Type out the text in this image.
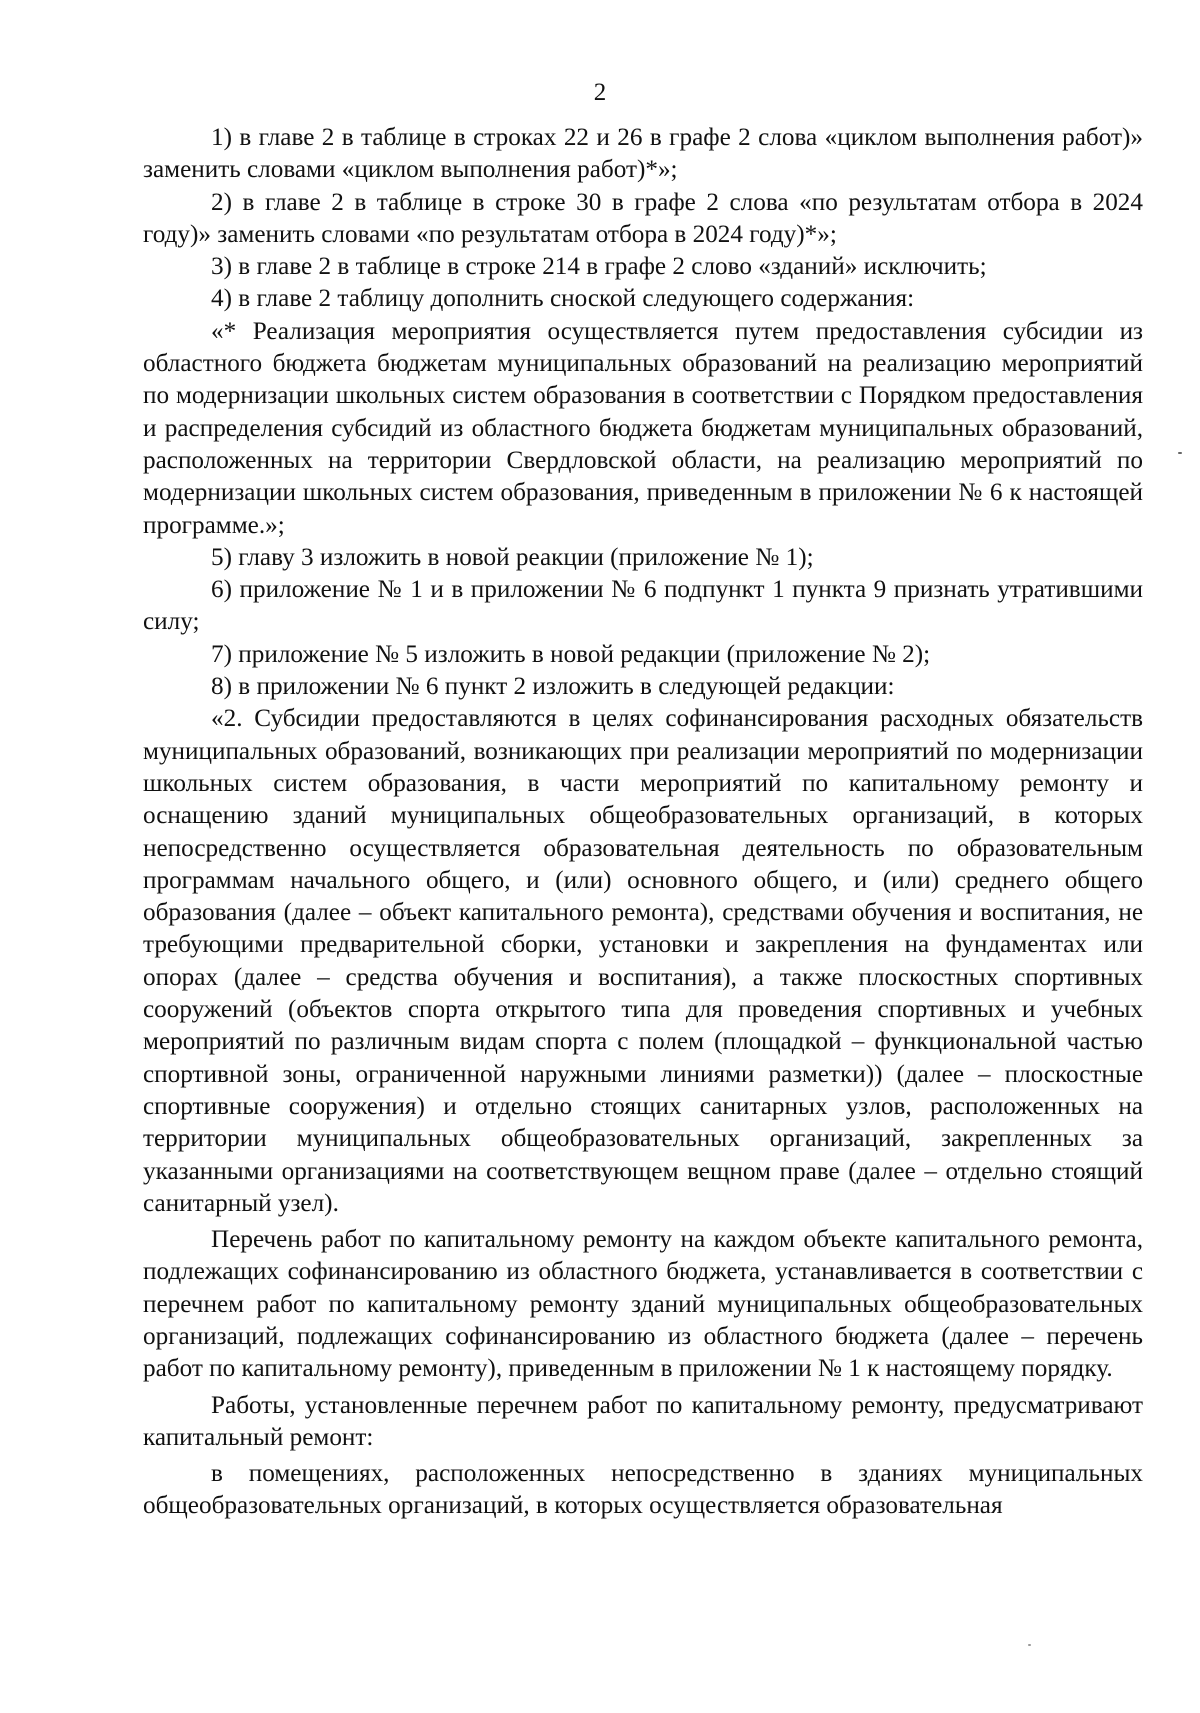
2

1) в главе 2 в таблице в строках 22 и 26 в графе 2 слова «циклом выполнения работ)» заменить словами «циклом выполнения работ)*»;

2) в главе 2 в таблице в строке 30 в графе 2 слова «по результатам отбора в 2024 году)» заменить словами «по результатам отбора в 2024 году)*»;

3) в главе 2 в таблице в строке 214 в графе 2 слово «зданий» исключить;

4) в главе 2 таблицу дополнить сноской следующего содержания:

«* Реализация мероприятия осуществляется путем предоставления субсидии из областного бюджета бюджетам муниципальных образований на реализацию мероприятий по модернизации школьных систем образования в соответствии с Порядком предоставления и распределения субсидий из областного бюджета бюджетам муниципальных образований, расположенных на территории Свердловской области, на реализацию мероприятий по модернизации школьных систем образования, приведенным в приложении № 6 к настоящей программе.»;

5) главу 3 изложить в новой реакции (приложение № 1);

6) приложение № 1 и в приложении № 6 подпункт 1 пункта 9 признать утратившими силу;

7) приложение № 5 изложить в новой редакции (приложение № 2);

8) в приложении № 6 пункт 2 изложить в следующей редакции:

«2. Субсидии предоставляются в целях софинансирования расходных обязательств муниципальных образований, возникающих при реализации мероприятий по модернизации школьных систем образования, в части мероприятий по капитальному ремонту и оснащению зданий муниципальных общеобразовательных организаций, в которых непосредственно осуществляется образовательная деятельность по образовательным программам начального общего, и (или) основного общего, и (или) среднего общего образования (далее – объект капитального ремонта), средствами обучения и воспитания, не требующими предварительной сборки, установки и закрепления на фундаментах или опорах (далее – средства обучения и воспитания), а также плоскостных спортивных сооружений (объектов спорта открытого типа для проведения спортивных и учебных мероприятий по различным видам спорта с полем (площадкой – функциональной частью спортивной зоны, ограниченной наружными линиями разметки)) (далее – плоскостные спортивные сооружения) и отдельно стоящих санитарных узлов, расположенных на территории муниципальных общеобразовательных организаций, закрепленных за указанными организациями на соответствующем вещном праве (далее – отдельно стоящий санитарный узел).

Перечень работ по капитальному ремонту на каждом объекте капитального ремонта, подлежащих софинансированию из областного бюджета, устанавливается в соответствии с перечнем работ по капитальному ремонту зданий муниципальных общеобразовательных организаций, подлежащих софинансированию из областного бюджета (далее – перечень работ по капитальному ремонту), приведенным в приложении № 1 к настоящему порядку.

Работы, установленные перечнем работ по капитальному ремонту, предусматривают капитальный ремонт:

в помещениях, расположенных непосредственно в зданиях муниципальных общеобразовательных организаций, в которых осуществляется образовательная
